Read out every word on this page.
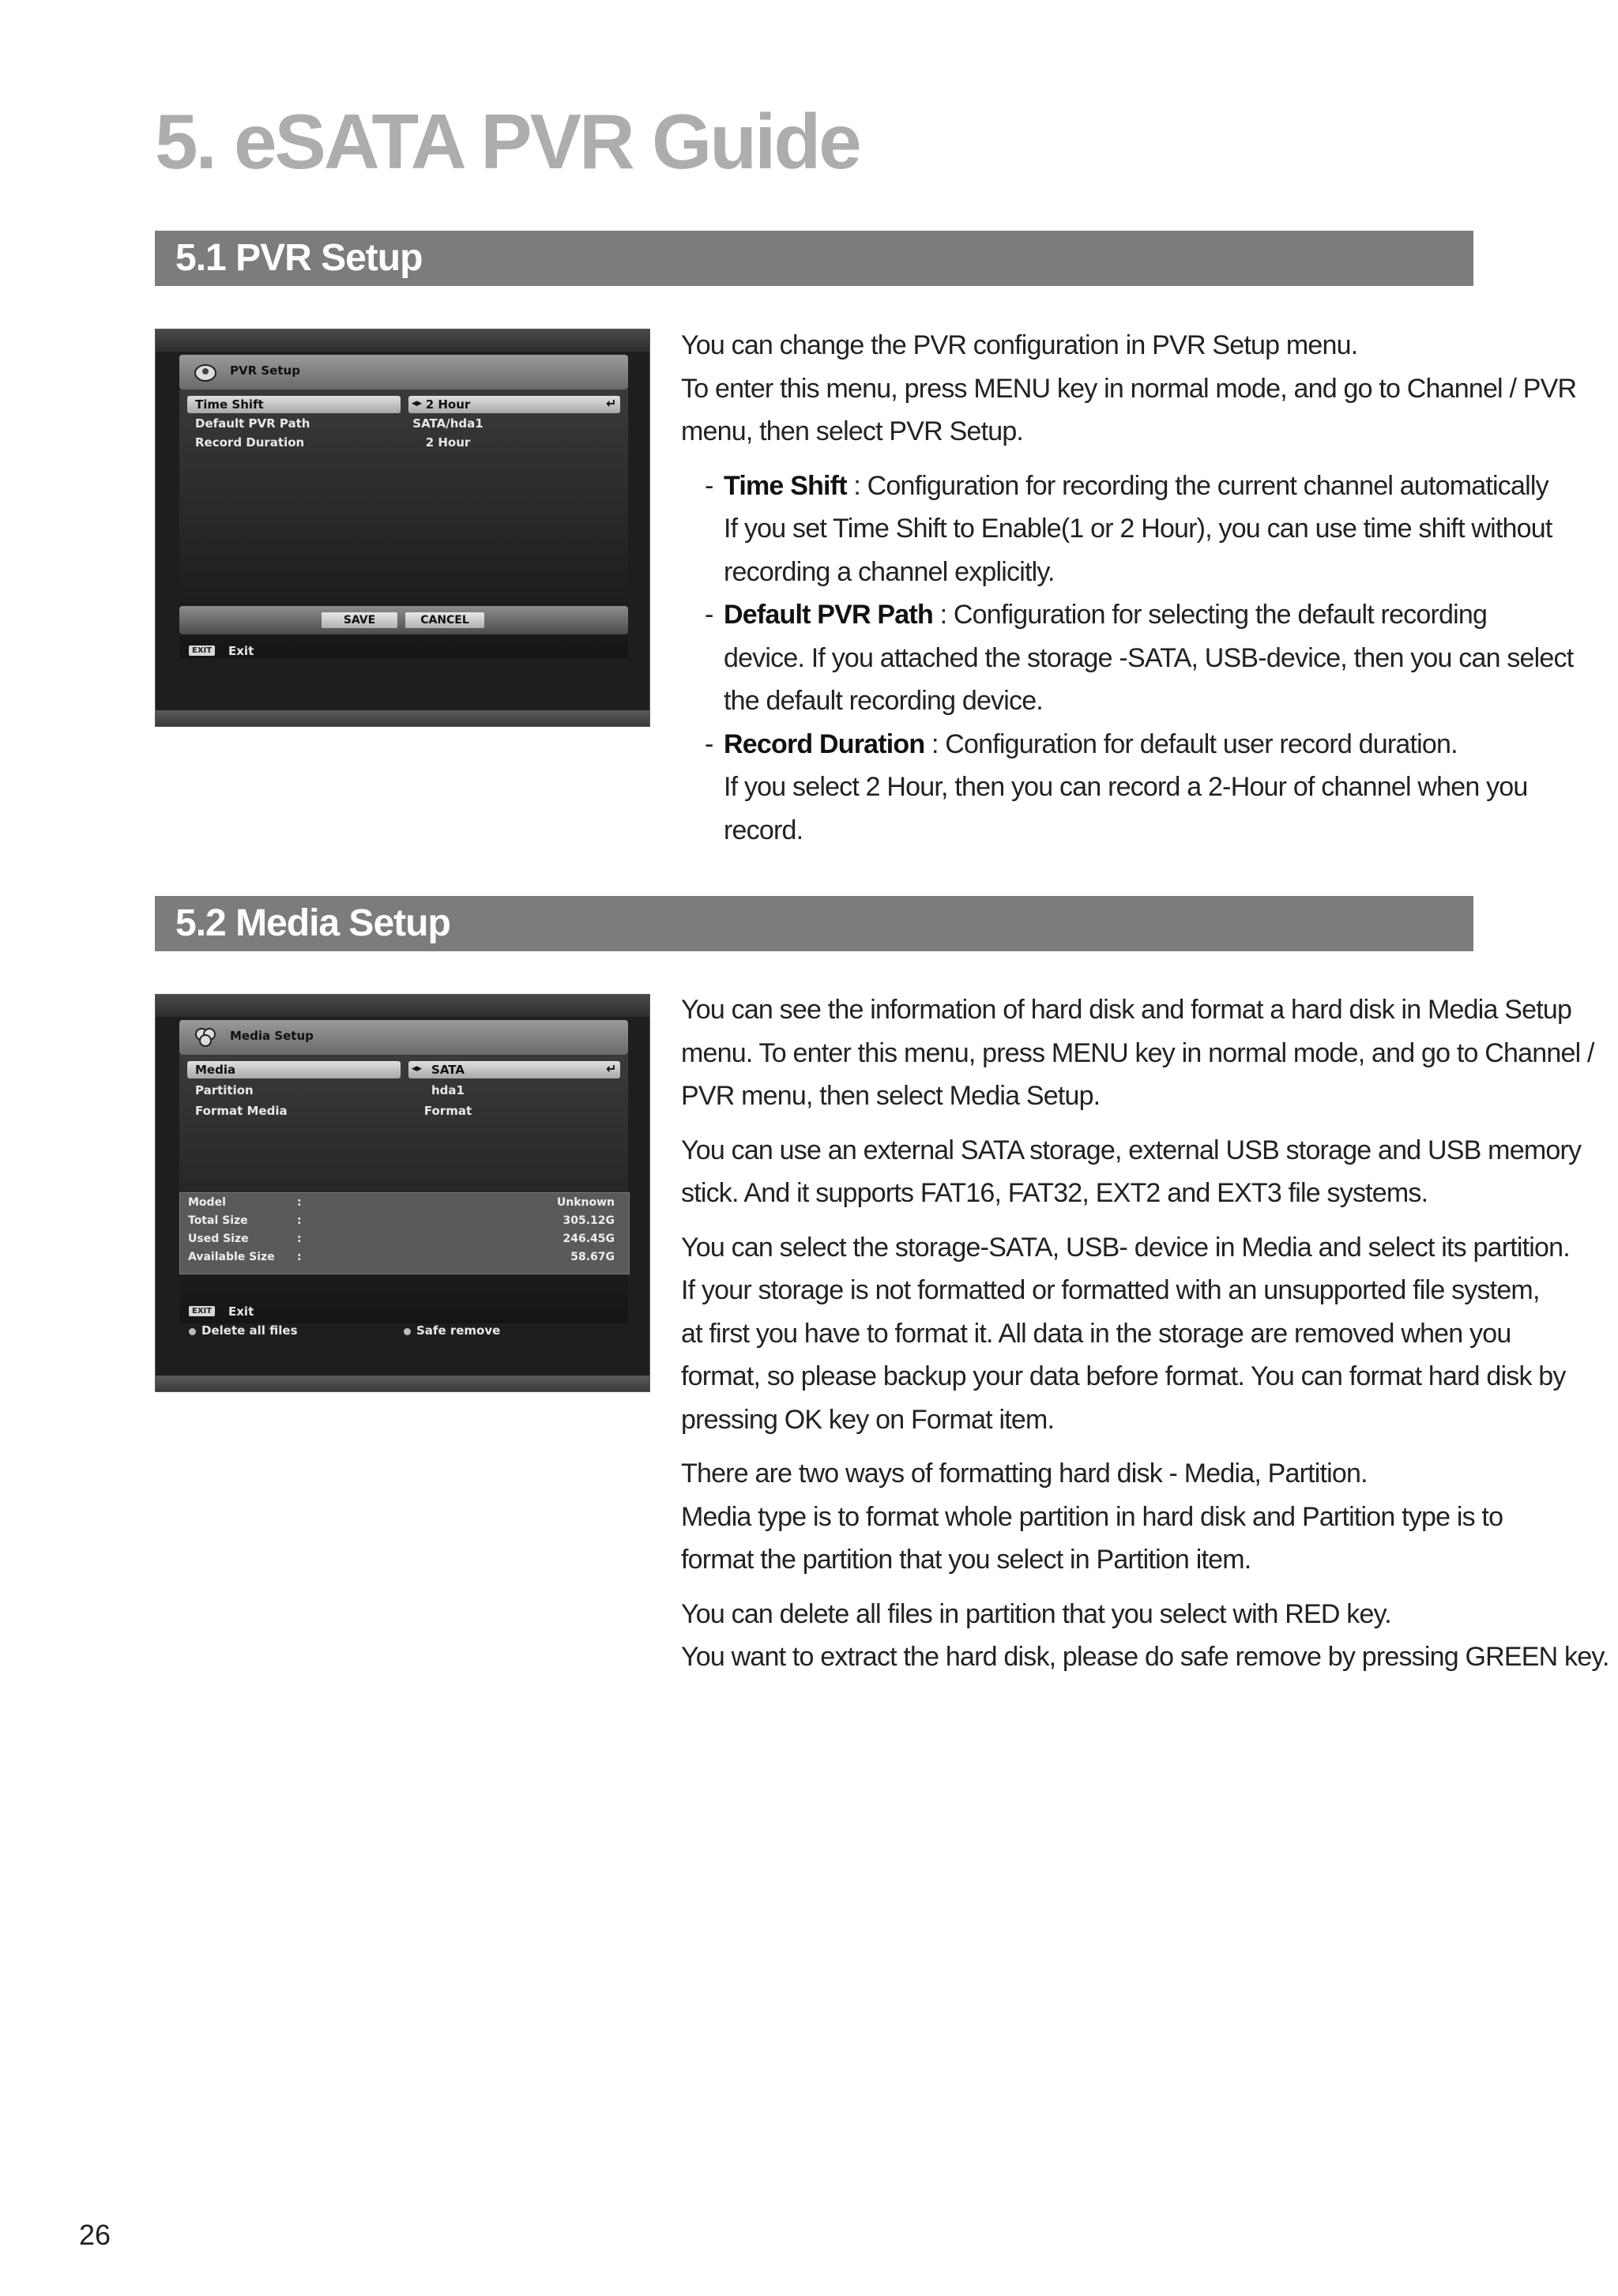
5. eSATA PVR Guide
5.1 PVR Setup
PVR Setup
Time Shift	◂▸ 2 Hour	↵
Default PVR Path	SATA/hda1
Record Duration	2 Hour
SAVE	CANCEL
EXIT Exit

You can change the PVR configuration in PVR Setup menu.
To enter this menu, press MENU key in normal mode, and go to Channel / PVR
menu, then select PVR Setup.

- Time Shift : Configuration for recording the current channel automatically
If you set Time Shift to Enable(1 or 2 Hour), you can use time shift without
recording a channel explicitly.
- Default PVR Path : Configuration for selecting the default recording
device. If you attached the storage -SATA, USB-device, then you can select
the default recording device.
- Record Duration : Configuration for default user record duration.
If you select 2 Hour, then you can record a 2-Hour of channel when you
record.
5.2 Media Setup
Media Setup
Media	◂▸ SATA	↵
Partition	hda1
Format Media	Format
Model	:	Unknown
Total Size	:	305.12G
Used Size	:	246.45G
Available Size :	58.67G
EXIT Exit
Delete all files	Safe remove

You can see the information of hard disk and format a hard disk in Media Setup
menu. To enter this menu, press MENU key in normal mode, and go to Channel /
PVR menu, then select Media Setup.

You can use an external SATA storage, external USB storage and USB memory
stick. And it supports FAT16, FAT32, EXT2 and EXT3 file systems.

You can select the storage-SATA, USB- device in Media and select its partition.
If your storage is not formatted or formatted with an unsupported file system,
at first you have to format it. All data in the storage are removed when you
format, so please backup your data before format. You can format hard disk by
pressing OK key on Format item.

There are two ways of formatting hard disk - Media, Partition.
Media type is to format whole partition in hard disk and Partition type is to
format the partition that you select in Partition item.

You can delete all files in partition that you select with RED key.
You want to extract the hard disk, please do safe remove by pressing GREEN key.

26
